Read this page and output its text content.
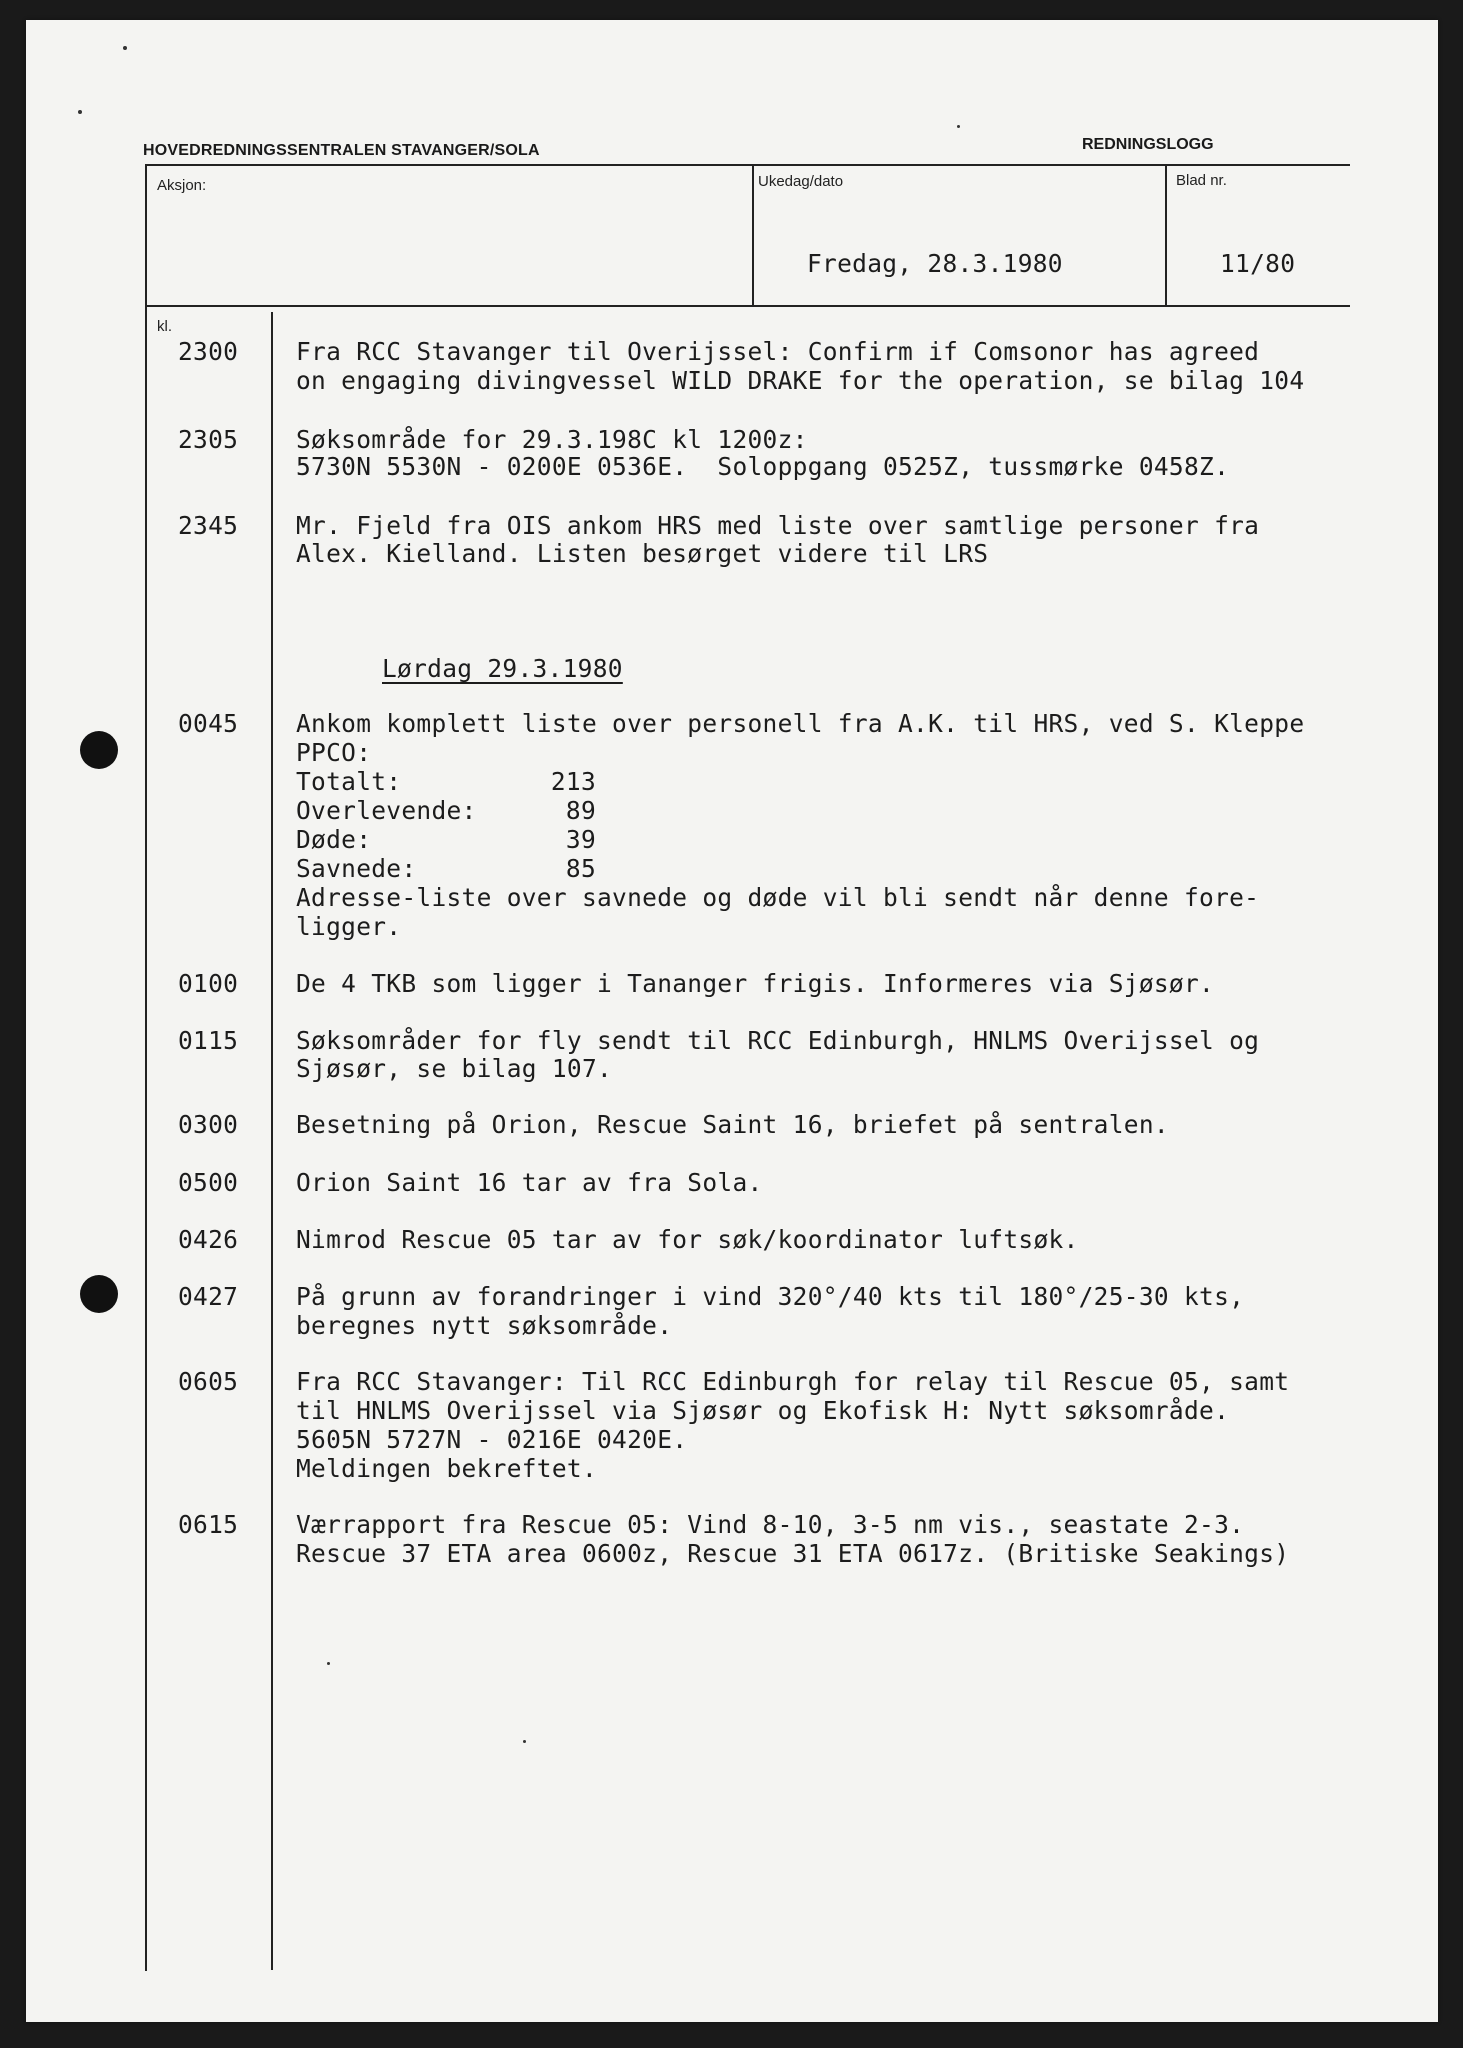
HOVEDREDNINGSSENTRALEN STAVANGER/SOLA	REDNINGSLOGG
Aksjon:	Ukedag/dato	Blad nr.
Fredag, 28.3.1980	11/80
kl.
2300	Fra RCC Stavanger til Overijssel: Confirm if Comsonor has agreed
on engaging divingvessel WILD DRAKE for the operation, se bilag 104
2305	Søksområde for 29.3.198C kl 1200z:
5730N 5530N - 0200E 0536E.  Soloppgang 0525Z, tussmørke 0458Z.
2345	Mr. Fjeld fra OIS ankom HRS med liste over samtlige personer fra
Alex. Kielland. Listen besørget videre til LRS
Lørdag 29.3.1980
0045	Ankom komplett liste over personell fra A.K. til HRS, ved S. Kleppe
PPCO:
Totalt:	213
Overlevende:	89
Døde:	39
Savnede:	85
Adresse-liste over savnede og døde vil bli sendt når denne fore-
ligger.
0100	De 4 TKB som ligger i Tananger frigis. Informeres via Sjøsør.
0115	Søksområder for fly sendt til RCC Edinburgh, HNLMS Overijssel og
Sjøsør, se bilag 107.
0300	Besetning på Orion, Rescue Saint 16, briefet på sentralen.
0500	Orion Saint 16 tar av fra Sola.
0426	Nimrod Rescue 05 tar av for søk/koordinator luftsøk.
0427	På grunn av forandringer i vind 320°/40 kts til 180°/25-30 kts,
beregnes nytt søksområde.
0605	Fra RCC Stavanger: Til RCC Edinburgh for relay til Rescue 05, samt
til HNLMS Overijssel via Sjøsør og Ekofisk H: Nytt søksområde.
5605N 5727N - 0216E 0420E.
Meldingen bekreftet.
0615	Værrapport fra Rescue 05: Vind 8-10, 3-5 nm vis., seastate 2-3.
Rescue 37 ETA area 0600z, Rescue 31 ETA 0617z. (Britiske Seakings)
